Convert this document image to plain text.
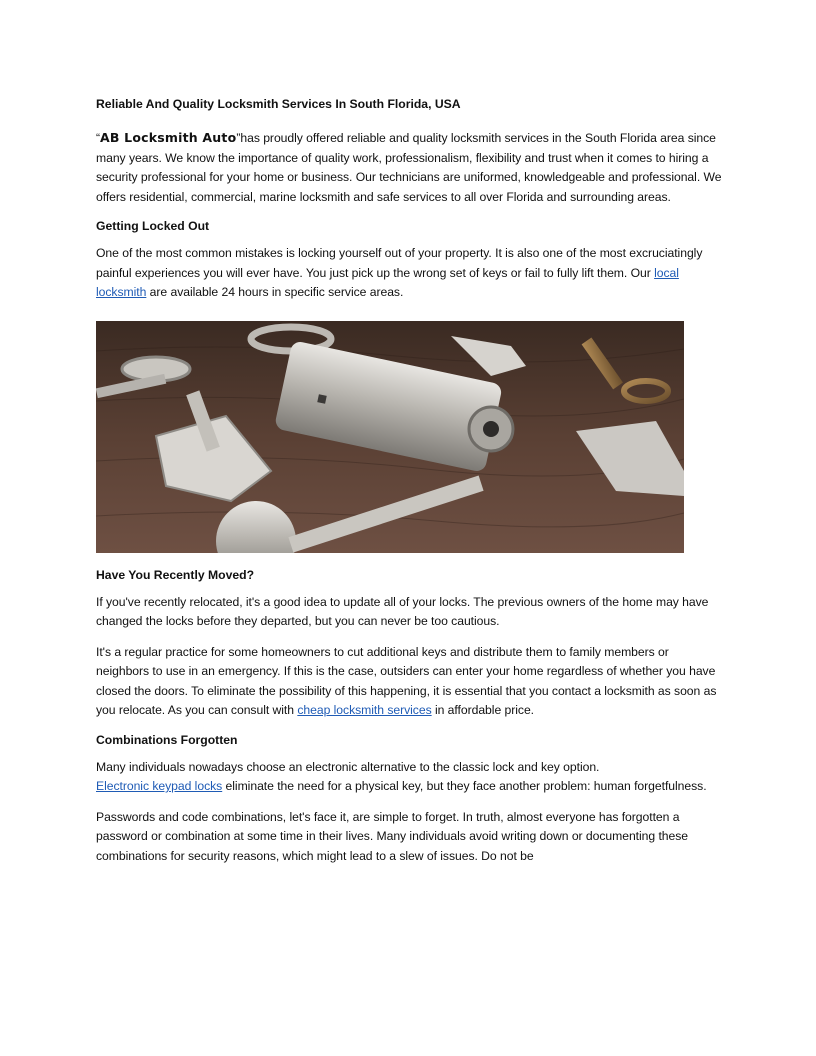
Reliable And Quality Locksmith Services In South Florida, USA

“AB Locksmith Auto”has proudly offered reliable and quality locksmith services in the South Florida area since many years. We know the importance of quality work, professionalism, flexibility and trust when it comes to hiring a security professional for your home or business. Our technicians are uniformed, knowledgeable and professional. We offers residential, commercial, marine locksmith and safe services to all over Florida and surrounding areas.

Getting Locked Out

One of the most common mistakes is locking yourself out of your property. It is also one of the most excruciatingly painful experiences you will ever have. You just pick up the wrong set of keys or fail to fully lift them. Our local locksmith are available 24 hours in specific service areas.

Have You Recently Moved?

If you've recently relocated, it's a good idea to update all of your locks. The previous owners of the home may have changed the locks before they departed, but you can never be too cautious.

It's a regular practice for some homeowners to cut additional keys and distribute them to family members or neighbors to use in an emergency. If this is the case, outsiders can enter your home regardless of whether you have closed the doors. To eliminate the possibility of this happening, it is essential that you contact a locksmith as soon as you relocate. As you can consult with cheap locksmith services in affordable price.

Combinations Forgotten

Many individuals nowadays choose an electronic alternative to the classic lock and key option.
Electronic keypad locks eliminate the need for a physical key, but they face another problem: human forgetfulness.

Passwords and code combinations, let's face it, are simple to forget. In truth, almost everyone has forgotten a password or combination at some time in their lives. Many individuals avoid writing down or documenting these combinations for security reasons, which might lead to a slew of issues. Do not be
